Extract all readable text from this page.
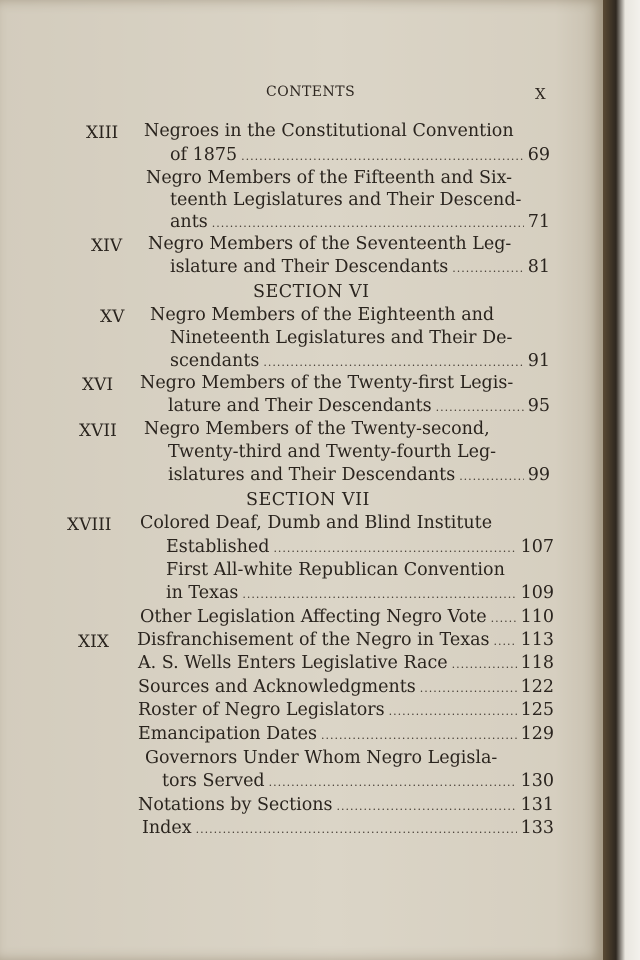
CONTENTS	X
XIII Negroes in the Constitutional Convention
of 1875 .....	69
Negro Members of the Fifteenth and Six-
teenth Legislatures and Their Descend-
ants .....	71
XIV Negro Members of the Seventeenth Leg-
islature and Their Descendants .....	81
SECTION VI
XV Negro Members of the Eighteenth and
Nineteenth Legislatures and Their De-
scendants .....	91
XVI Negro Members of the Twenty-first Legis-
lature and Their Descendants .....	95
XVII Negro Members of the Twenty-second,
Twenty-third and Twenty-fourth Leg-
islatures and Their Descendants .....	99
SECTION VII
XVIII Colored Deaf, Dumb and Blind Institute
Established .....	107
First All-white Republican Convention
in Texas .....	109
Other Legislation Affecting Negro Vote ..... 110
XIX Disfranchisement of the Negro in Texas ..... 113
A. S. Wells Enters Legislative Race .....	118
Sources and Acknowledgments .....	122
Roster of Negro Legislators .....	125
Emancipation Dates .....	129
Governors Under Whom Negro Legisla-
tors Served .....	130
Notations by Sections .....	131
Index .....	133
